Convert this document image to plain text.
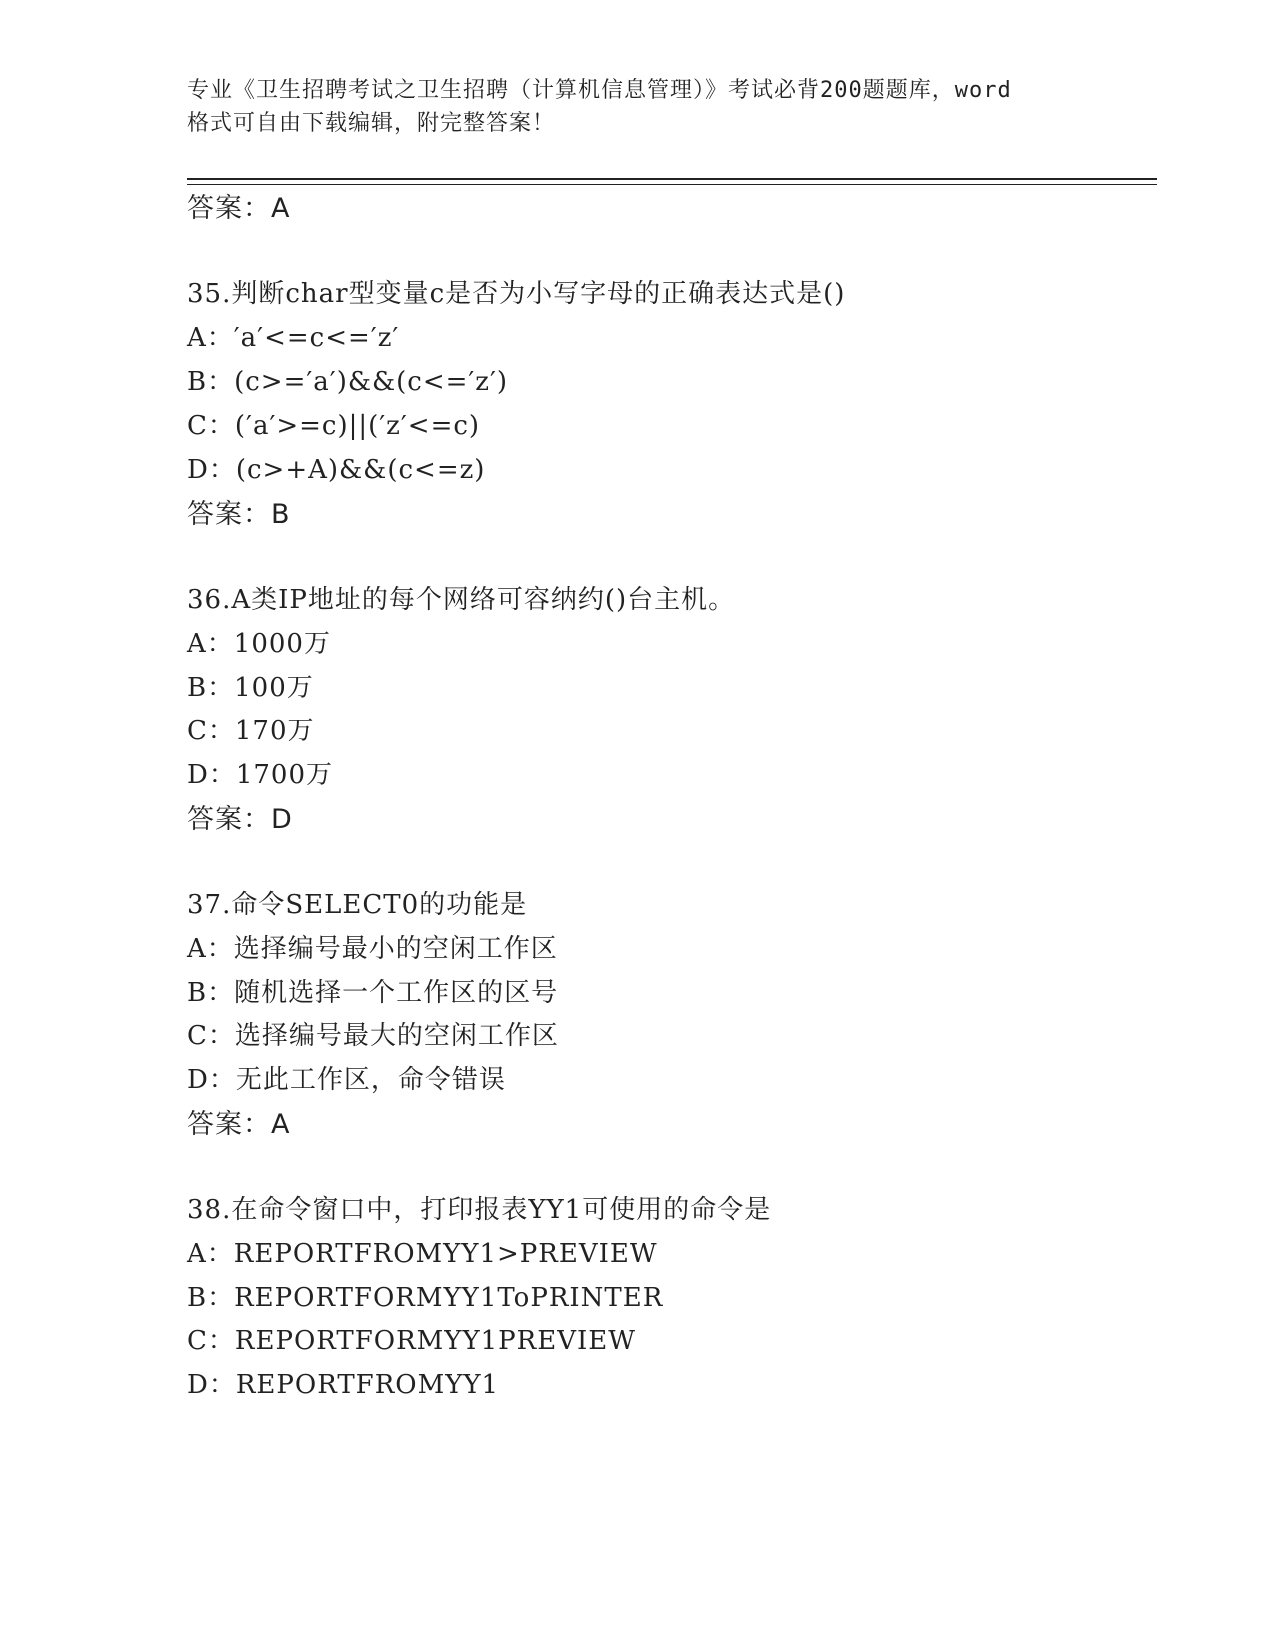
专业《卫生招聘考试之卫生招聘（计算机信息管理）》考试必背200题题库，word
格式可自由下载编辑，附完整答案！
答案：A
35.判断char型变量c是否为小写字母的正确表达式是()
A：′a′<=c<=′z′
B：(c>=′a′)&&(c<=′z′)
C：(′a′>=c)||(′z′<=c)
D：(c>+A)&&(c<=z)
答案：B
36.A类IP地址的每个网络可容纳约()台主机。
A：1000万
B：100万
C：170万
D：1700万
答案：D
37.命令SELECT0的功能是
A：选择编号最小的空闲工作区
B：随机选择一个工作区的区号
C：选择编号最大的空闲工作区
D：无此工作区，命令错误
答案：A
38.在命令窗口中，打印报表YY1可使用的命令是
A：REPORTFROMYY1>PREVIEW
B：REPORTFORMYY1ToPRINTER
C：REPORTFORMYY1PREVIEW
D：REPORTFROMYY1
